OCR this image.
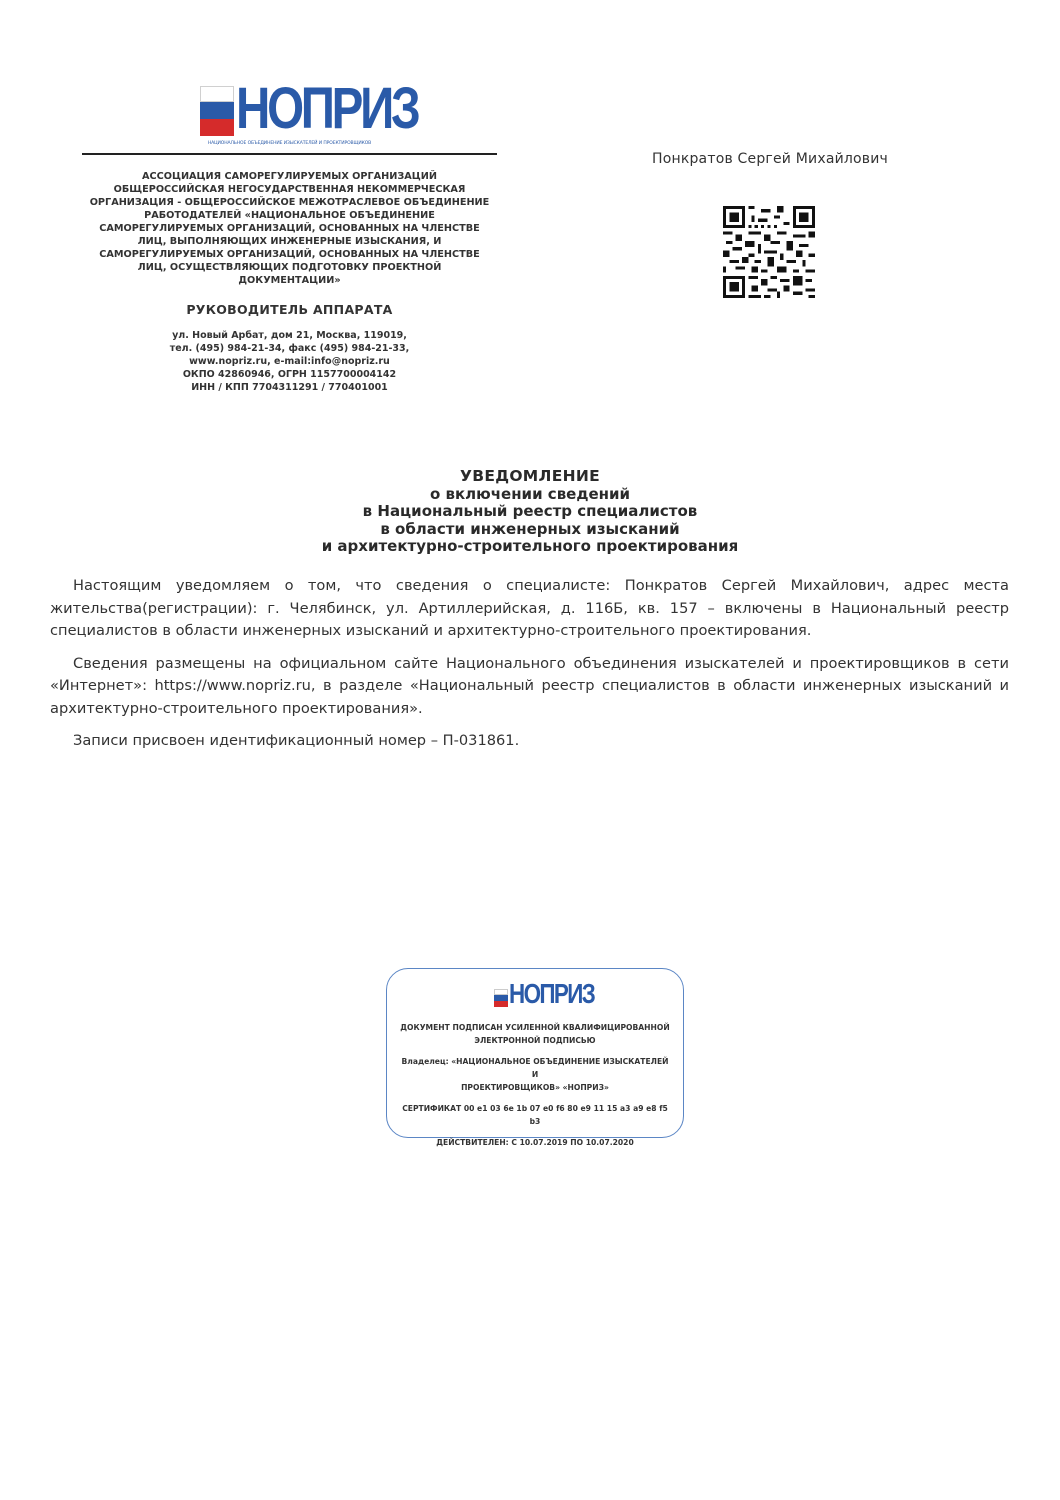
НОПРИЗ
НАЦИОНАЛЬНОЕ ОБЪЕДИНЕНИЕ ИЗЫСКАТЕЛЕЙ И ПРОЕКТИРОВЩИКОВ
АССОЦИАЦИЯ САМОРЕГУЛИРУЕМЫХ ОРГАНИЗАЦИЙ ОБЩЕРОССИЙСКАЯ НЕГОСУДАРСТВЕННАЯ НЕКОММЕРЧЕСКАЯ ОРГАНИЗАЦИЯ - ОБЩЕРОССИЙСКОЕ МЕЖОТРАСЛЕВОЕ ОБЪЕДИНЕНИЕ РАБОТОДАТЕЛЕЙ «НАЦИОНАЛЬНОЕ ОБЪЕДИНЕНИЕ САМОРЕГУЛИРУЕМЫХ ОРГАНИЗАЦИЙ, ОСНОВАННЫХ НА ЧЛЕНСТВЕ ЛИЦ, ВЫПОЛНЯЮЩИХ ИНЖЕНЕРНЫЕ ИЗЫСКАНИЯ, И САМОРЕГУЛИРУЕМЫХ ОРГАНИЗАЦИЙ, ОСНОВАННЫХ НА ЧЛЕНСТВЕ ЛИЦ, ОСУЩЕСТВЛЯЮЩИХ ПОДГОТОВКУ ПРОЕКТНОЙ ДОКУМЕНТАЦИИ»
РУКОВОДИТЕЛЬ АППАРАТА
ул. Новый Арбат, дом 21, Москва, 119019,
тел. (495) 984-21-34, факс (495) 984-21-33,
www.nopriz.ru, e-mail:info@nopriz.ru
ОКПО 42860946, ОГРН 1157700004142
ИНН / КПП 7704311291 / 770401001
Понкратов Сергей Михайлович
УВЕДОМЛЕНИЕ
о включении сведений
в Национальный реестр специалистов
в области инженерных изысканий
и архитектурно-строительного проектирования

Настоящим уведомляем о том, что сведения о специалисте: Понкратов Сергей Михайлович, адрес места жительства(регистрации): г. Челябинск, ул. Артиллерийская, д. 116Б, кв. 157 – включены в Национальный реестр специалистов в области инженерных изысканий и архитектурно-строительного проектирования.

Сведения размещены на официальном сайте Национального объединения изыскателей и проектировщиков в сети «Интернет»: https://www.nopriz.ru, в разделе «Национальный реестр специалистов в области инженерных изысканий и архитектурно-строительного проектирования».

Записи присвоен идентификационный номер – П-031861.

НОПРИЗ
ДОКУМЕНТ ПОДПИСАН УСИЛЕННОЙ КВАЛИФИЦИРОВАННОЙ
ЭЛЕКТРОННОЙ ПОДПИСЬЮ
Владелец: «НАЦИОНАЛЬНОЕ ОБЪЕДИНЕНИЕ ИЗЫСКАТЕЛЕЙ И
ПРОЕКТИРОВЩИКОВ» «НОПРИЗ»
СЕРТИФИКАТ 00 e1 03 6e 1b 07 e0 f6 80 e9 11 15 a3 a9 e8 f5 b3
ДЕЙСТВИТЕЛЕН: С 10.07.2019 ПО 10.07.2020
